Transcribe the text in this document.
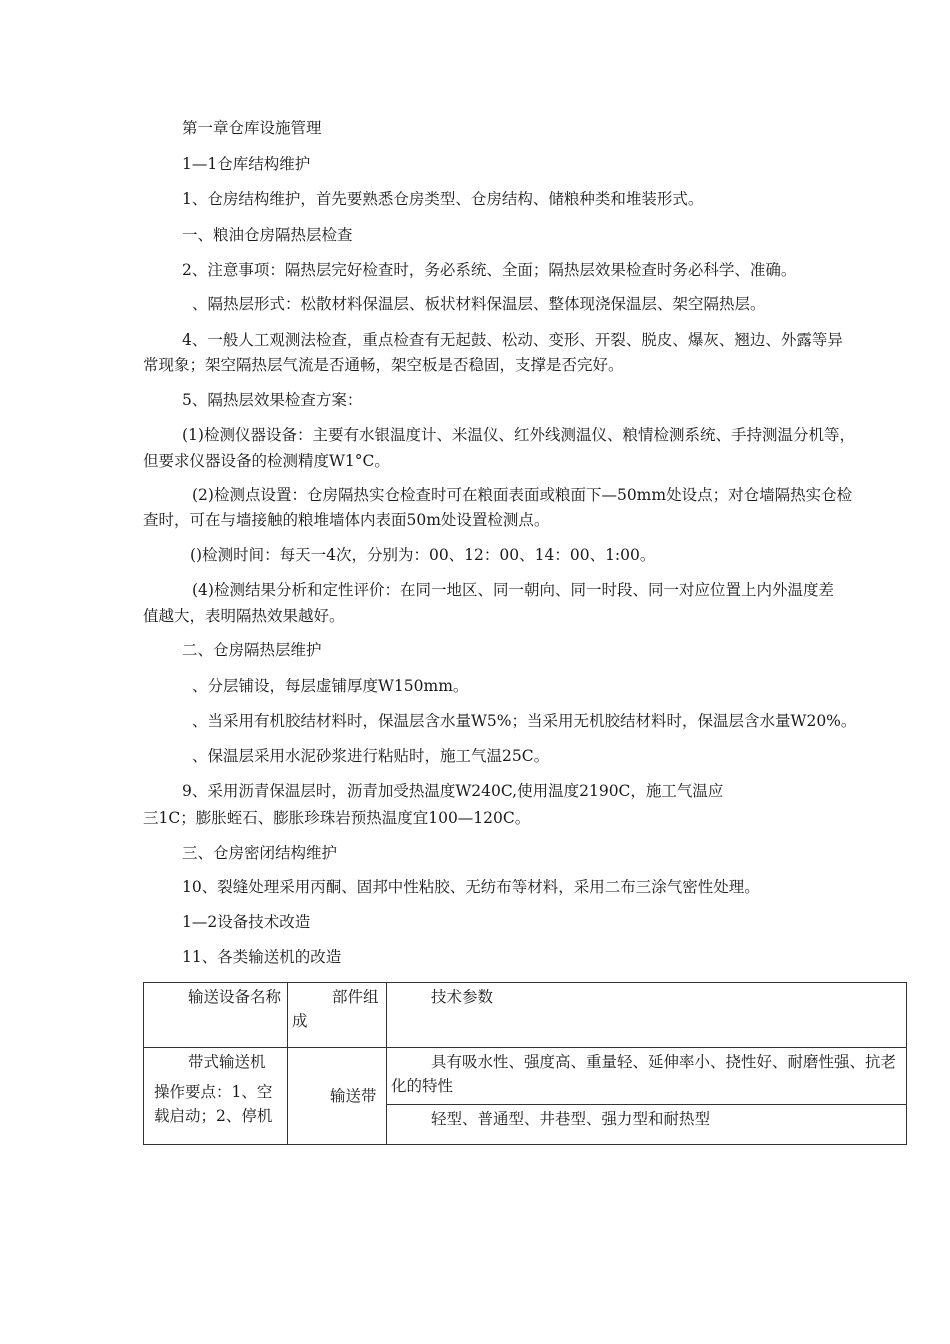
第一章仓库设施管理
1—1仓库结构维护
1、仓房结构维护，首先要熟悉仓房类型、仓房结构、储粮种类和堆装形式。
一、粮油仓房隔热层检查
2、注意事项：隔热层完好检查时，务必系统、全面；隔热层效果检查时务必科学、准确。
、隔热层形式：松散材料保温层、板状材料保温层、整体现浇保温层、架空隔热层。
4、一般人工观测法检查，重点检查有无起鼓、松动、变形、开裂、脱皮、爆灰、翘边、外露等异
常现象；架空隔热层气流是否通畅，架空板是否稳固，支撑是否完好。
5、隔热层效果检查方案：
(1)检测仪器设备：主要有水银温度计、米温仪、红外线测温仪、粮情检测系统、手持测温分机等，
但要求仪器设备的检测精度W1°C。
(2)检测点设置：仓房隔热实仓检查时可在粮面表面或粮面下—50mm处设点；对仓墙隔热实仓检
查时，可在与墙接触的粮堆墙体内表面50m处设置检测点。
()检测时间：每天一4次，分别为：00、12：00、14：00、1:00。
(4)检测结果分析和定性评价：在同一地区、同一朝向、同一时段、同一对应位置上内外温度差
值越大，表明隔热效果越好。
二、仓房隔热层维护
、分层铺设，每层虚铺厚度W150mm。
、当采用有机胶结材料时，保温层含水量W5%；当采用无机胶结材料时，保温层含水量W20%。
、保温层采用水泥砂浆进行粘贴时，施工气温25C。
9、采用沥青保温层时，沥青加受热温度W240C,使用温度2190C，施工气温应
三1C；膨胀蛭石、膨胀珍珠岩预热温度宜100—120C。
三、仓房密闭结构维护
10、裂缝处理采用丙酮、固邦中性粘胶、无纺布等材料，采用二布三涂气密性处理。
1—2设备技术改造
11、各类输送机的改造
输送设备名称	部件组成	技术参数

带式输送机
操作要点：1、空载启动；2、停机	输送带	具有吸水性、强度高、重量轻、延伸率小、挠性好、耐磨性强、抗老化的特性

		轻型、普通型、井巷型、强力型和耐热型
